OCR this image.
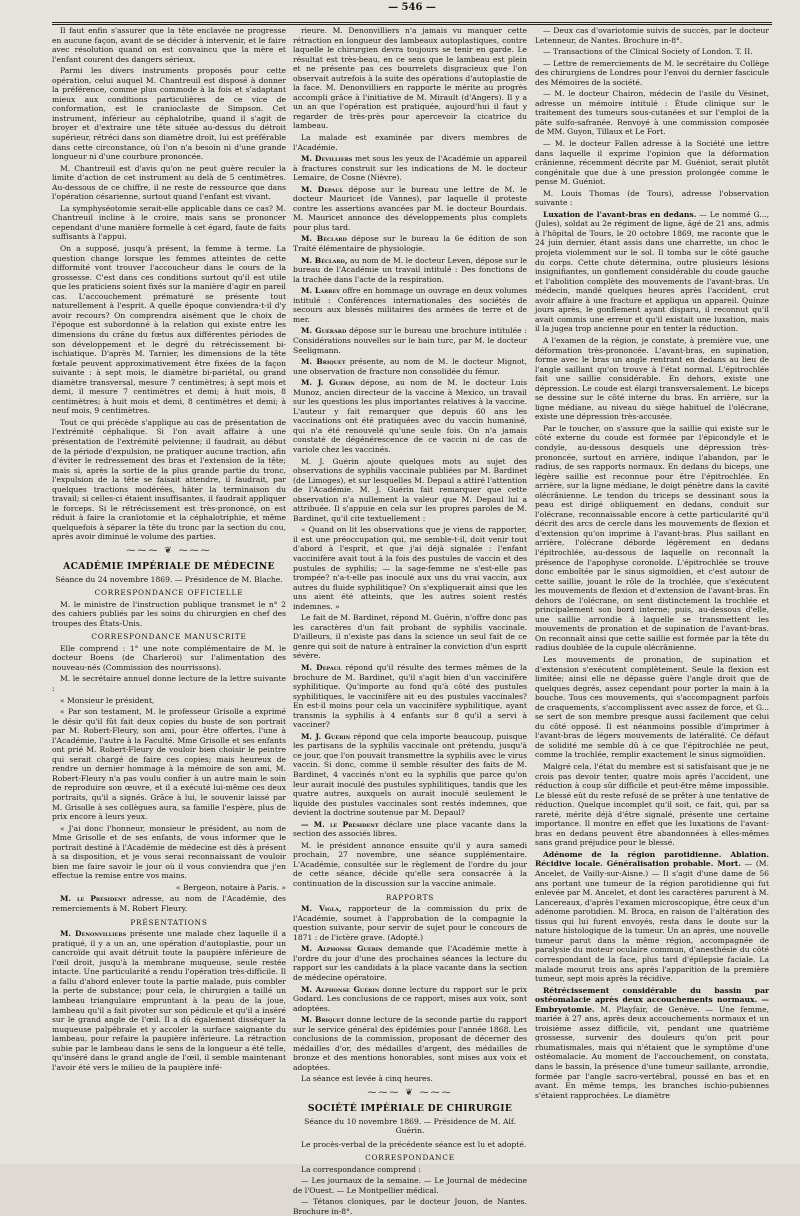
— 546 —

Il faut enfin s'assurer que la tête enclavée ne progresse en aucune façon, avant de se décider à intervenir, et le faire avec résolution quand on est convaincu que la mère et l'enfant courent des dangers sérieux.

Parmi les divers instruments proposés pour cette opération, celui auquel M. Chantreuil est disposé à donner la préférence, comme plus commode à la fois et s'adaptant mieux aux conditions particulières de ce vice de conformation, est le cranioclaste de Simpson. Cet instrument, inférieur au céphalotribe, quand il s'agit de broyer et d'extraire une tête située au-dessus du détroit supérieur, rétréci dans son diamètre droit, lui est préférable dans cette circonstance, où l'on n'a besoin ni d'une grande longueur ni d'une courbure prononcée.

M. Chantreuil est d'avis qu'on ne peut guère reculer la limite d'action de cet instrument au delà de 5 centimètres. Au-dessous de ce chiffre, il ne reste de ressource que dans l'opération césarienne, surtout quand l'enfant est vivant.

La symphyséotomie serait-elle applicable dans ce cas? M. Chantreuil incline à le croire, mais sans se prononcer cependant d'une manière formelle à cet égard, faute de faits suffisants à l'appui.

On a supposé, jusqu'à présent, la femme à terme. La question change lorsque les femmes atteintes de cette difformité vont trouver l'accoucheur dans le cours de la grossesse. C'est dans ces conditions surtout qu'il est utile que les praticiens soient fixés sur la manière d'agir en pareil cas. L'accouchement prématuré se présente tout naturellement à l'esprit. A quelle époque conviendra-t-il d'y avoir recours? On comprendra aisément que le choix de l'époque est subordonné à la relation qui existe entre les dimensions du crâne du fœtus aux différentes périodes de son développement et le degré du rétrécissement bi-ischiatique. D'après M. Tarnier, les dimensions de la tête fœtale peuvent approximativement être fixées de la façon suivante : à sept mois, le diamètre bi-pariétal, ou grand diamètre transversal, mesure 7 centimètres; à sept mois et demi, il mesure 7 centimètres et demi; à huit mois, 8 centimètres; à huit mois et demi, 8 centimètres et demi; à neuf mois, 9 centimètres.

Tout ce qui précède s'applique au cas de présentation de l'extrémité céphalique. Si l'on avait affaire à une présentation de l'extrémité pelvienne; il faudrait, au début de la période d'expulsion, ne pratiquer aucune traction, afin d'éviter le redressement des bras et l'extension de la tête; mais si, après la sortie de la plus grande partie du tronc, l'expulsion de la tête se faisait attendre, il faudrait, par quelques tractions modérées, hâter la terminaison du travail; si celles-ci étaient insuffisantes, il faudrait appliquer le forceps. Si le rétrécissement est très-prononcé, on est réduit à faire la cranïotomie et la céphalotriphie, et même quelquefois à séparer la tête du tronc par la section du cou, après avoir diminué le volume des parties.

⁓⁓⁓ ❦ ⁓⁓⁓
ACADÉMIE IMPÉRIALE DE MÉDECINE
Séance du 24 novembre 1869. — Présidence de M. Blache.
CORRESPONDANCE OFFICIELLE

M. le ministre de l'instruction publique transmet le n° 2 des cahiers publiés par les soins du chirurgien en chef des troupes des États-Unis.

CORRESPONDANCE MANUSCRITE

Elle comprend : 1° une note complémentaire de M. le docteur Boens (de Charleroi) sur l'alimentation des nouveau-nés (Commission des nourrissons).

M. le secrétaire annuel donne lecture de la lettre suivante :

« Monsieur le président,

« Par son testament, M. le professeur Grisolle a exprimé le désir qu'il fût fait deux copies du buste de son portrait par M. Robert-Fleury, son ami, pour être offertes, l'une à l'Académie, l'autre à la Faculté. Mme Grisolle et ses enfants ont prié M. Robert-Fleury de vouloir bien choisir le peintre qui serait chargé de faire ces copies; mais heureux de rendre un dernier hommage à la mémoire de son ami, M. Robert-Fleury n'a pas voulu confier à un autre main le soin de reproduire son œuvre, et il a exécuté lui-même ces deux portraits, qu'il a signés. Grâce à lui, le souvenir laissé par M. Grisolle à ses collègues aura, sa famille l'espère, plus de prix encore à leurs yeux.

« J'ai donc l'honneur, monsieur le président, au nom de Mme Grisolle et de ses enfants, de vous informer que le portrait destiné à l'Académie de médecine est dès à présent à sa disposition, et je vous serai reconnaissant de vouloir bien me faire savoir le jour où il vous conviendra que j'en effectue la remise entre vos mains.

« Bergeon, notaire à Paris. »

M. le Président adresse, au nom de l'Académie, des remerciements à M. Robert Fleury.

PRÉSENTATIONS

M. Denonvilliers présente une malade chez laquelle il a pratiqué, il y a un an, une opération d'autoplastie, pour un cancroïde qui avait détruit toute la paupière inférieure de l'œil droit, jusqu'à la membrane muqueuse, seule restée intacte. Une particularité a rendu l'opération très-difficile. Il a fallu d'abord enlever toute la partie malade, puis combler la perte de substance; pour cela, le chirurgien a taillé un lambeau triangulaire empruntant à la peau de la joue, lambeau qu'il a fait pivoter sur son pédicule et qu'il a inséré sur le grand angle de l'œil. Il a dû également disséquer la muqueuse palpébrale et y accoler la surface saignante du lambeau, pour refaire la paupière inférieure. La rétraction subie par le lambeau dans le sens de la longueur a été telle, qu'inséré dans le grand angle de l'œil, il semble maintenant l'avoir été vers le milieu de la paupière infé-

rieure. M. Denonvilliers n'a jamais vu manquer cette rétraction en longueur des lambeaux autoplastiques, contre laquelle le chirurgien devra toujours se tenir en garde. Le résultat est très-beau, en ce sens que le lambeau est plein et ne présente pas ces bourrelets disgracieux que l'on observait autrefois à la suite des opérations d'autoplastie de la face. M. Denonvilliers en rapporte le mérite au progrès accompli grâce à l'initiative de M. Mirault (d'Angers). Il y a un an que l'opération est pratiquée, aujourd'hui il faut y regarder de très-près pour apercevoir la cicatrice du lambeau.

La malade est examinée par divers membres de l'Académie.

M. Devilliers met sous les yeux de l'Académie un appareil à fractures construit sur les indications de M. le docteur Lemaire, de Cosne (Nièvre).

M. Depaul dépose sur le bureau une lettre de M. le docteur Mauricet (de Vannes), par laquelle il proteste contre les assertions avancées par M. le docteur Bourdais. M. Mauricet annonce des développements plus complets pour plus tard.

M. Béclard dépose sur le bureau la 6e édition de son Traité élémentaire de physiologie.

M. Béclard, au nom de M. le docteur Leven, dépose sur le bureau de l'Académie un travail intitulé : Des fonctions de la trachée dans l'acte de la respiration.

M. Larrey offre en hommage un ouvrage en deux volumes intitulé : Conférences internationales des sociétés de secours aux blessés militaires des armées de terre et de mer.

M. Guérard dépose sur le bureau une brochure intitulée : Considérations nouvelles sur le bain turc, par M. le docteur Seeligmann.

M. Briquet présente, au nom de M. le docteur Mignot, une observation de fracture non consolidée du fémur.

M. J. Guérin dépose, au nom de M. le docteur Luis Munoz, ancien directeur de la vaccine à Mexico, un travail sur les questions les plus importantes relatives à la vaccine. L'auteur y fait remarquer que depuis 60 ans les vaccinations ont été pratiquées avec du vaccin humanisé, qui n'a été renouvelé qu'une seule fois. On n'a jamais constaté de dégénérescence de ce vaccin ni de cas de variole chez les vaccinés.

M. J. Guérin ajoute quelques mots au sujet des observations de syphilis vaccinale publiées par M. Bardinet (de Limoges), et sur lesquelles M. Depaul a attiré l'attention de l'Académie. M. J. Guérin fait remarquer que cette observation n'a nullement la valeur que M. Depaul lui a attribuée. Il s'appuie en cela sur les propres paroles de M. Bardinet, qu'il cite textuellement :

« Quand on lit les observations que je viens de rapporter, il est une préoccupation qui, me semble-t-il, doit venir tout d'abord à l'esprit, et que j'ai déjà signalée : l'enfant vaccinifère avait tout à la fois des pustules de vaccin et des pustules de syphilis; — la sage-femme ne s'est-elle pas trompée? n'a-t-elle pas inoculé aux uns du vrai vaccin, aux autres du fluide syphilitique? On s'expliquerait ainsi que les uns aient été atteints, que les autres soient restés indemnes. »

Le fait de M. Bardinet, répond M. Guérin, n'offre donc pas les caractères d'un fait probant de syphilis vaccinale. D'ailleurs, il n'existe pas dans la science un seul fait de ce genre qui soit de nature à entraîner la conviction d'un esprit sévère.

M. Depaul répond qu'il résulte des termes mêmes de la brochure de M. Bardinet, qu'il s'agit bien d'un vaccinifère syphilitique. Qu'importe au fond qu'à côté des pustules syphilitiques, le vaccinifère ait eu des pustules vaccinales? En est-il moins pour cela un vaccinifère syphilitique, ayant transmis la syphilis à 4 enfants sur 8 qu'il a servi à vacciner?

M. J. Guérin répond que cela importe beaucoup, puisque les partisans de la syphilis vaccinale ont prétendu, jusqu'à ce jour, que l'on pouvait transmettre la syphilis avec le virus vaccin. Si donc, comme il semble résulter des faits de M. Bardinet, 4 vaccinés n'ont eu la syphilis que parce qu'on leur aurait inoculé des pustules syphilitiques, tandis que les quatre autres, auxquels on aurait inoculé seulement le liquide des pustules vaccinales sont restés indemnes, que devient la doctrine soutenue par M. Depaul?

— M. le Président déclare une place vacante dans la section des associés libres.

M. le président annonce ensuite qu'il y aura samedi prochain, 27 novembre, une séance supplémentaire. L'Académie, consultée sur le règlement de l'ordre du jour de cette séance, décide qu'elle sera consacrée à la continuation de la discussion sur la vaccine animale.

RAPPORTS

M. Vigla, rapporteur de la commission du prix de l'Académie, soumet à l'approbation de la compagnie la question suivante, pour servir de sujet pour le concours de 1871 : de l'ictère grave. (Adopté.)

M. Alphonse Guérin demande que l'Académie mette à l'ordre du jour d'une des prochaines séances la lecture du rapport sur les candidats à la place vacante dans la section de médecine opératoire.

M. Alphonse Guérin donne lecture du rapport sur le prix Godard. Les conclusions de ce rapport, mises aux voix, sont adoptées.

M. Briquet donne lecture de la seconde partie du rapport sur le service général des épidémies pour l'année 1868. Les conclusions de la commission, proposant de décerner des médailles d'or, des médailles d'argent, des médailles de bronze et des mentions honorables, sont mises aux voix et adoptées.

La séance est levée à cinq heures.

⁓⁓⁓ ❦ ⁓⁓⁓
SOCIÉTÉ IMPÉRIALE DE CHIRURGIE
Séance du 10 novembre 1869. — Présidence de M. Alf. Guérin.

Le procès-verbal de la précédente séance est lu et adopté.

CORRESPONDANCE

La correspondance comprend :

— Les journaux de la semaine. — Le Journal de médecine de l'Ouest. — Le Montpellier médical.

— Tétanos cloniques, par le docteur Jouon, de Nantes. Brochure in-8°.

— Deux cas d'ovariotomie suivis de succès, par le docteur Letenneur, de Nantes. Brochure in-8°.

— Transactions of the Clinical Society of London. T. II.

— Lettre de remerciements de M. le secrétaire du Collège des chirurgiens de Londres pour l'envoi du dernier fascicule des Mémoires de la société.

— M. le docteur Chairon, médecin de l'asile du Vésinet, adresse un mémoire intitulé : Étude clinique sur le traitement des tumeurs sous-cutanées et sur l'emploi de la pâte sulfo-safranée. Renvoyé à une commission composée de MM. Guyon, Tillaux et Le Fort.

— M. le docteur Fallen adresse à la Société une lettre dans laquelle il exprime l'opinion que la déformation crânienne, récemment décrite par M. Guéniot, serait plutôt congénitale que due à une pression prolongée comme le pense M. Guéniot.

M. Louis Thomas (de Tours), adresse l'observation suivante :

Luxation de l'avant-bras en dedans. — Le nommé G..., (Jules), soldat au 2e régiment de ligne, âgé de 21 ans, admis à l'hôpital de Tours, le 20 octobre 1869, me raconte que le 24 juin dernier, étant assis dans une charrette, un choc le projeta violemment sur le sol. Il tomba sur le côté gauche du corps. Cette chute détermina, outre plusieurs lésions insignifiantes, un gonflement considérable du coude gauche et l'abolition complète des mouvements de l'avant-bras. Un médecin, mandé quelques heures après l'accident, crut avoir affaire à une fracture et appliqua un appareil. Quinze jours après, le gonflement ayant disparu, il reconnut qu'il avait commis une erreur et qu'il existait une luxation, mais il la jugea trop ancienne pour en tenter la réduction.

A l'examen de la région, je constate, à première vue, une déformation très-prononcée. L'avant-bras, en supination, forme avec le bras un angle rentrant en dedans au lieu de l'angle saillant qu'on trouve à l'état normal. L'épitrochlée fait une saillie considérable. En dehors, existe une dépression. Le coude est élargi transversalement. Le biceps se dessine sur le côté interne du bras. En arrière, sur la ligne médiane, au niveau du siège habituel de l'olécrane, existe une dépression très-accusée.

Par le toucher, on s'assure que la saillie qui existe sur le côté externe du coude est formée par l'épicondyle et le condyle, au-dessous desquels une dépression très-prononcée, surtout en arrière, indique l'abandon, par le radius, de ses rapports normaux. En dedans du biceps, une légère saillie est reconnue pour être l'épitrochlée. En arrière, sur la ligne médiane, le doigt pénètre dans la cavité olécrânienne. Le tendon du triceps se dessinant sous la peau est dirigé obliquement en dedans, conduit sur l'olécrane, reconnaissable encore à cette particularité qu'il décrit des arcs de cercle dans les mouvements de flexion et d'extension qu'on imprime à l'avant-bras. Plus saillant en arrière, l'olécrane déborde légèrement en dedans l'épitrochlée, au-dessous de laquelle on reconnaît la présence de l'apophyse coronoïde. L'épitrochlée se trouve donc emboîtée par le sinus sigmoïdien, et c'est autour de cette saillie, jouant le rôle de la trochlée, que s'exécutent les mouvements de flexion et d'extension de l'avant-bras. En dehors de l'olécrane, on sent distinctement la trochlée et principalement son bord interne; puis, au-dessous d'elle, une saillie arrondie à laquelle se transmettent les mouvements de pronation et de supination de l'avant-bras. On reconnaît ainsi que cette saillie est formée par la tête du radius doublée de la cupule olécrânienne.

Les mouvements de pronation, de supination et d'extension s'exécutent complètement. Seule la flexion est limitée; ainsi elle ne dépasse guère l'angle droit que de quelques degrés, assez cependant pour porter la main à la bouche. Tous ces mouvements, qui s'accompagnent parfois de craquements, s'accomplissent avec assez de force, et G... se sert de son membre presque aussi facilement que celui du côté opposé. Il est néanmoins possible d'imprimer à l'avant-bras de légers mouvements de latéralité. Ce défaut de solidité me semble dû à ce que l'épitrochlée ne peut, comme la trochlée, remplir exactement le sinus sigmoïdien.

Malgré cela, l'état du membre est si satisfaisant que je ne crois pas devoir tenter, quatre mois après l'accident, une réduction à coup sûr difficile et peut-être même impossible. Le blessé eût du reste refusé de se prêter à une tentative de réduction. Quelque incomplet qu'il soit, ce fait, qui, par sa rareté, mérite déjà d'être signalé, présente une certaine importance. Il montre en effet que les luxations de l'avant-bras en dedans peuvent être abandonnées à elles-mêmes sans grand préjudice pour le blessé.

Adénome de la région parotidienne. Ablation. Récidive locale. Généralisation probable. Mort. — (M. Ancelet, de Vailly-sur-Aisne.) — Il s'agit d'une dame de 56 ans portant une tumeur de la région parotidienne qui fut enlevée par M. Ancelet, et dont les caractères parurent à M. Lancereaux, d'après l'examen microscopique, être ceux d'un adénome parotidien. M. Broca, en raison de l'altération des tissus qui lui furent envoyés, resta dans le doute sur la nature histologique de la tumeur. Un an après, une nouvelle tumeur parut dans la même région, accompagnée de paralysie du moteur oculaire commun, d'anesthésie du côté correspondant de la face, plus tard d'épilepsie faciale. La malade mourut trois ans après l'apparition de la première tumeur, sept mois après la récidive.

Rétrécissement considérable du bassin par ostéomalacie après deux accouchements normaux. — Embryotomie. M. Playfair, de Genève. — Une femme, mariée à 27 ans, après deux accouchements normaux et un troisième assez difficile, vit, pendant une quatrième grossesse, survenir des douleurs qu'on prit pour rhumatismales, mais qui n'étaient que le symptôme d'une ostéomalacie. Au moment de l'accouchement, on constata, dans le bassin, la présence d'une tumeur saillante, arrondie, formée par l'angle sacro-vertébral, poussé en bas et en avant. En même temps, les branches ischio-pubiennes s'étaient rapprochées. Le diamètre
